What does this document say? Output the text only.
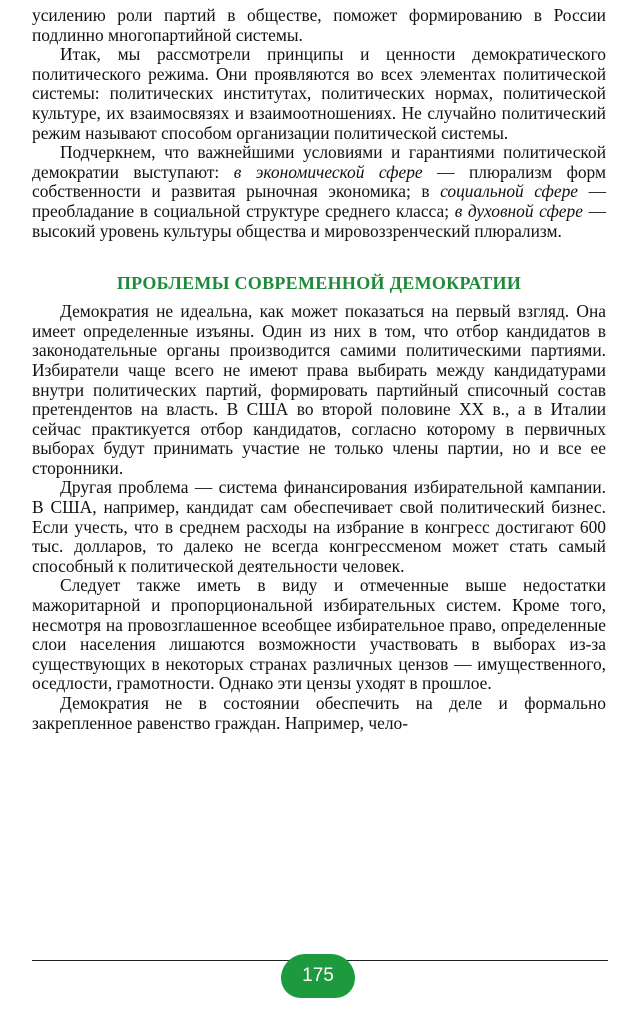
усилению роли партий в обществе, поможет формированию в России подлинно многопартийной системы.

Итак, мы рассмотрели принципы и ценности демократического политического режима. Они проявляются во всех элементах политической системы: политических институтах, политических нормах, политической культуре, их взаимосвязях и взаимоотношениях. Не случайно политический режим называют способом организации политической системы.

Подчеркнем, что важнейшими условиями и гарантиями политической демократии выступают: в экономической сфере — плюрализм форм собственности и развитая рыночная экономика; в социальной сфере — преобладание в социальной структуре среднего класса; в духовной сфере — высокий уровень культуры общества и мировоззренческий плюрализм.

ПРОБЛЕМЫ СОВРЕМЕННОЙ ДЕМОКРАТИИ

Демократия не идеальна, как может показаться на первый взгляд. Она имеет определенные изъяны. Один из них в том, что отбор кандидатов в законодательные органы производится самими политическими партиями. Избиратели чаще всего не имеют права выбирать между кандидатурами внутри политических партий, формировать партийный списочный состав претендентов на власть. В США во второй половине XX в., а в Италии сейчас практикуется отбор кандидатов, согласно которому в первичных выборах будут принимать участие не только члены партии, но и все ее сторонники.

Другая проблема — система финансирования избирательной кампании. В США, например, кандидат сам обеспечивает свой политический бизнес. Если учесть, что в среднем расходы на избрание в конгресс достигают 600 тыс. долларов, то далеко не всегда конгрессменом может стать самый способный к политической деятельности человек.

Следует также иметь в виду и отмеченные выше недостатки мажоритарной и пропорциональной избирательных систем. Кроме того, несмотря на провозглашенное всеобщее избирательное право, определенные слои населения лишаются возможности участвовать в выборах из-за существующих в некоторых странах различных цензов — имущественного, оседлости, грамотности. Однако эти цензы уходят в прошлое.

Демократия не в состоянии обеспечить на деле и формально закрепленное равенство граждан. Например, чело-

175
